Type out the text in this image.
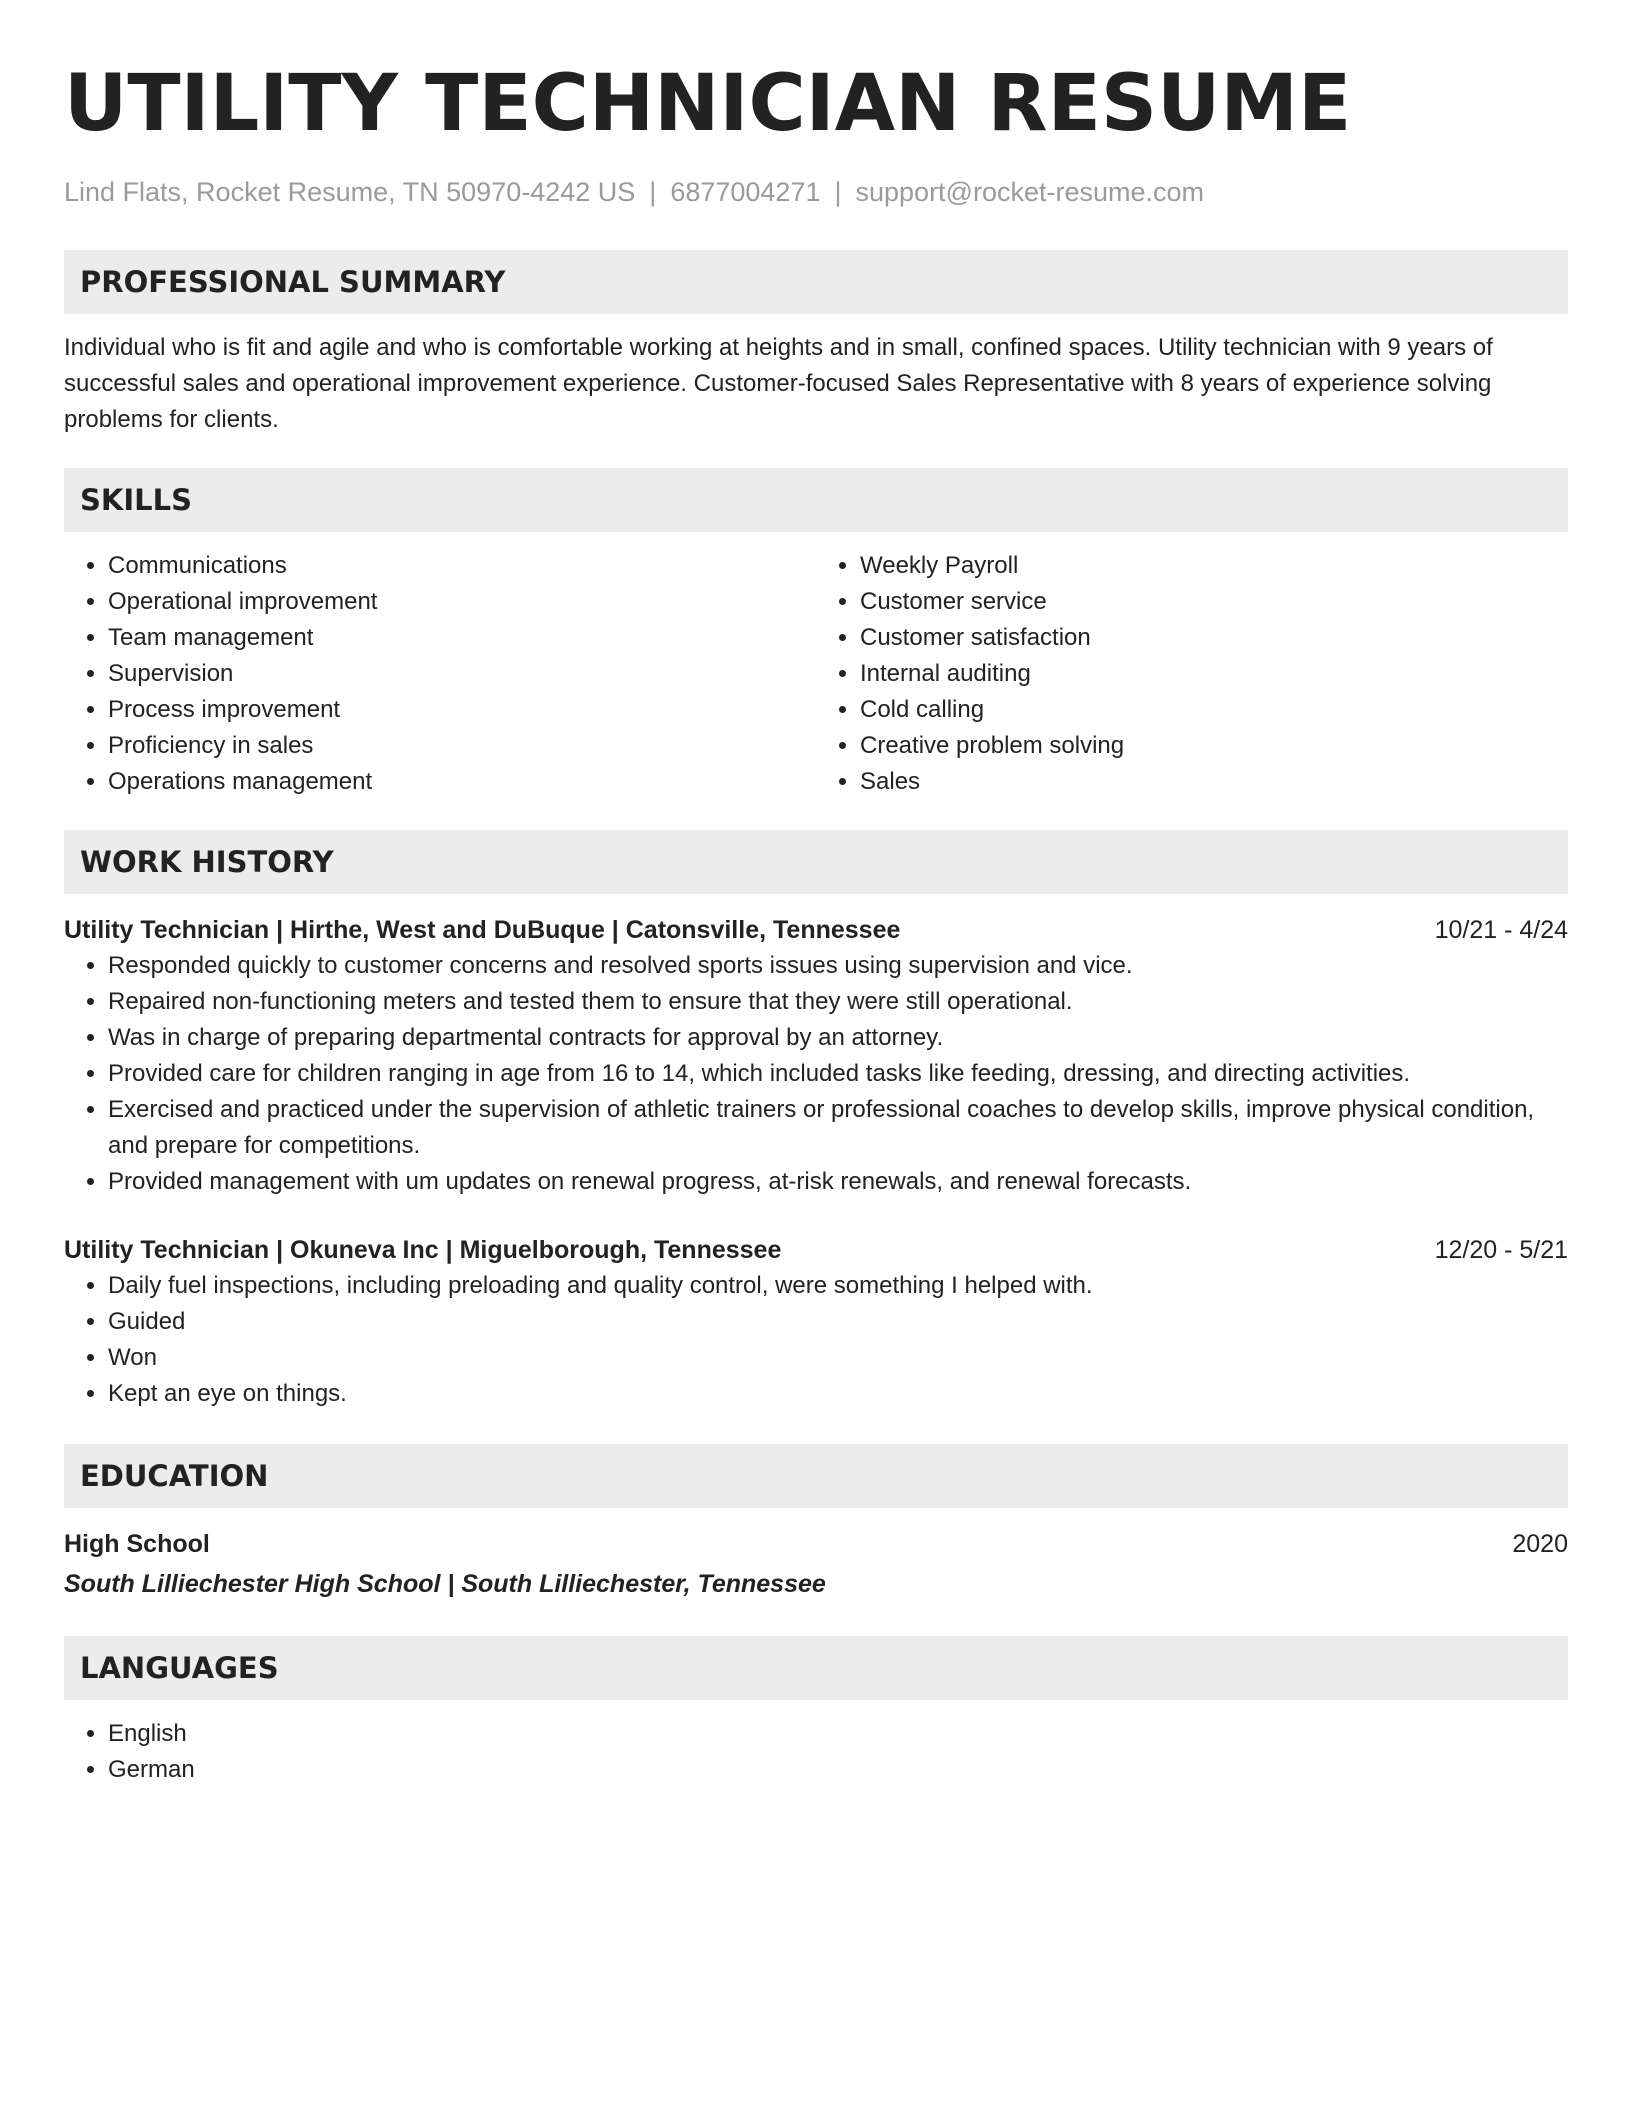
UTILITY TECHNICIAN RESUME
Lind Flats, Rocket Resume, TN 50970-4242 US | 6877004271 | support@rocket-resume.com
PROFESSIONAL SUMMARY

Individual who is fit and agile and who is comfortable working at heights and in small, confined spaces. Utility technician with 9 years of successful sales and operational improvement experience. Customer-focused Sales Representative with 8 years of experience solving problems for clients.

SKILLS
• Communications
• Operational improvement
• Team management
• Supervision
• Process improvement
• Proficiency in sales
• Operations management
• Weekly Payroll
• Customer service
• Customer satisfaction
• Internal auditing
• Cold calling
• Creative problem solving
• Sales
WORK HISTORY
Utility Technician | Hirthe, West and DuBuque | Catonsville, Tennessee	10/21 - 4/24
• Responded quickly to customer concerns and resolved sports issues using supervision and vice.
• Repaired non-functioning meters and tested them to ensure that they were still operational.
• Was in charge of preparing departmental contracts for approval by an attorney.
• Provided care for children ranging in age from 16 to 14, which included tasks like feeding, dressing, and directing activities.
• Exercised and practiced under the supervision of athletic trainers or professional coaches to develop skills, improve physical condition, and prepare for competitions.
• Provided management with um updates on renewal progress, at-risk renewals, and renewal forecasts.
Utility Technician | Okuneva Inc | Miguelborough, Tennessee	12/20 - 5/21
• Daily fuel inspections, including preloading and quality control, were something I helped with.
• Guided
• Won
• Kept an eye on things.
EDUCATION
High School	2020
South Lilliechester High School | South Lilliechester, Tennessee
LANGUAGES
• English
• German
